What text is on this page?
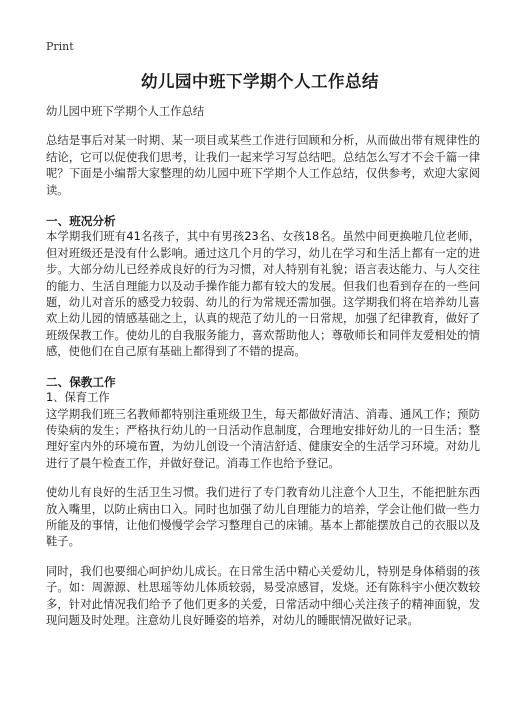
Print
幼儿园中班下学期个人工作总结

幼儿园中班下学期个人工作总结

总结是事后对某一时期、某一项目或某些工作进行回顾和分析，从而做出带有规律性的结论，它可以促使我们思考，让我们一起来学习写总结吧。总结怎么写才不会千篇一律呢？下面是小编帮大家整理的幼儿园中班下学期个人工作总结，仅供参考，欢迎大家阅读。

一、班况分析

本学期我们班有41名孩子，其中有男孩23名、女孩18名。虽然中间更换啦几位老师，但对班级还是没有什么影响。通过这几个月的学习，幼儿在学习和生活上都有一定的进步。大部分幼儿已经养成良好的行为习惯，对人特别有礼貌；语言表达能力、与人交往的能力、生活自理能力以及动手操作能力都有较大的发展。但我们也看到存在的一些问题，幼儿对音乐的感受力较弱、幼儿的行为常规还需加强。这学期我们将在培养幼儿喜欢上幼儿园的情感基础之上，认真的规范了幼儿的一日常规，加强了纪律教育，做好了班级保教工作。使幼儿的自我服务能力，喜欢帮助他人；尊敬师长和同伴友爱相处的情感，使他们在自己原有基础上都得到了不错的提高。

二、保教工作

1、保育工作

这学期我们班三名教师都特别注重班级卫生，每天都做好清洁、消毒、通风工作；预防传染病的发生；严格执行幼儿的一日活动作息制度，合理地安排好幼儿的一日生活；整理好室内外的环境布置，为幼儿创设一个清洁舒适、健康安全的生活学习环境。对幼儿进行了晨午检查工作，并做好登记。消毒工作也给予登记。

使幼儿有良好的生活卫生习惯。我们进行了专门教育幼儿注意个人卫生，不能把脏东西放入嘴里，以防止病由口入。同时也加强了幼儿自理能力的培养，学会让他们做一些力所能及的事情，让他们慢慢学会学习整理自己的床铺。基本上都能摆放自己的衣服以及鞋子。

同时，我们也要细心呵护幼儿成长。在日常生活中精心关爱幼儿，特别是身体稍弱的孩子。如：周源源、杜思瑶等幼儿体质较弱，易受凉感冒，发烧。还有陈科宇小便次数较多，针对此情况我们给予了他们更多的关爱，日常活动中细心关注孩子的精神面貌，发现问题及时处理。注意幼儿良好睡姿的培养，对幼儿的睡眠情况做好记录。
